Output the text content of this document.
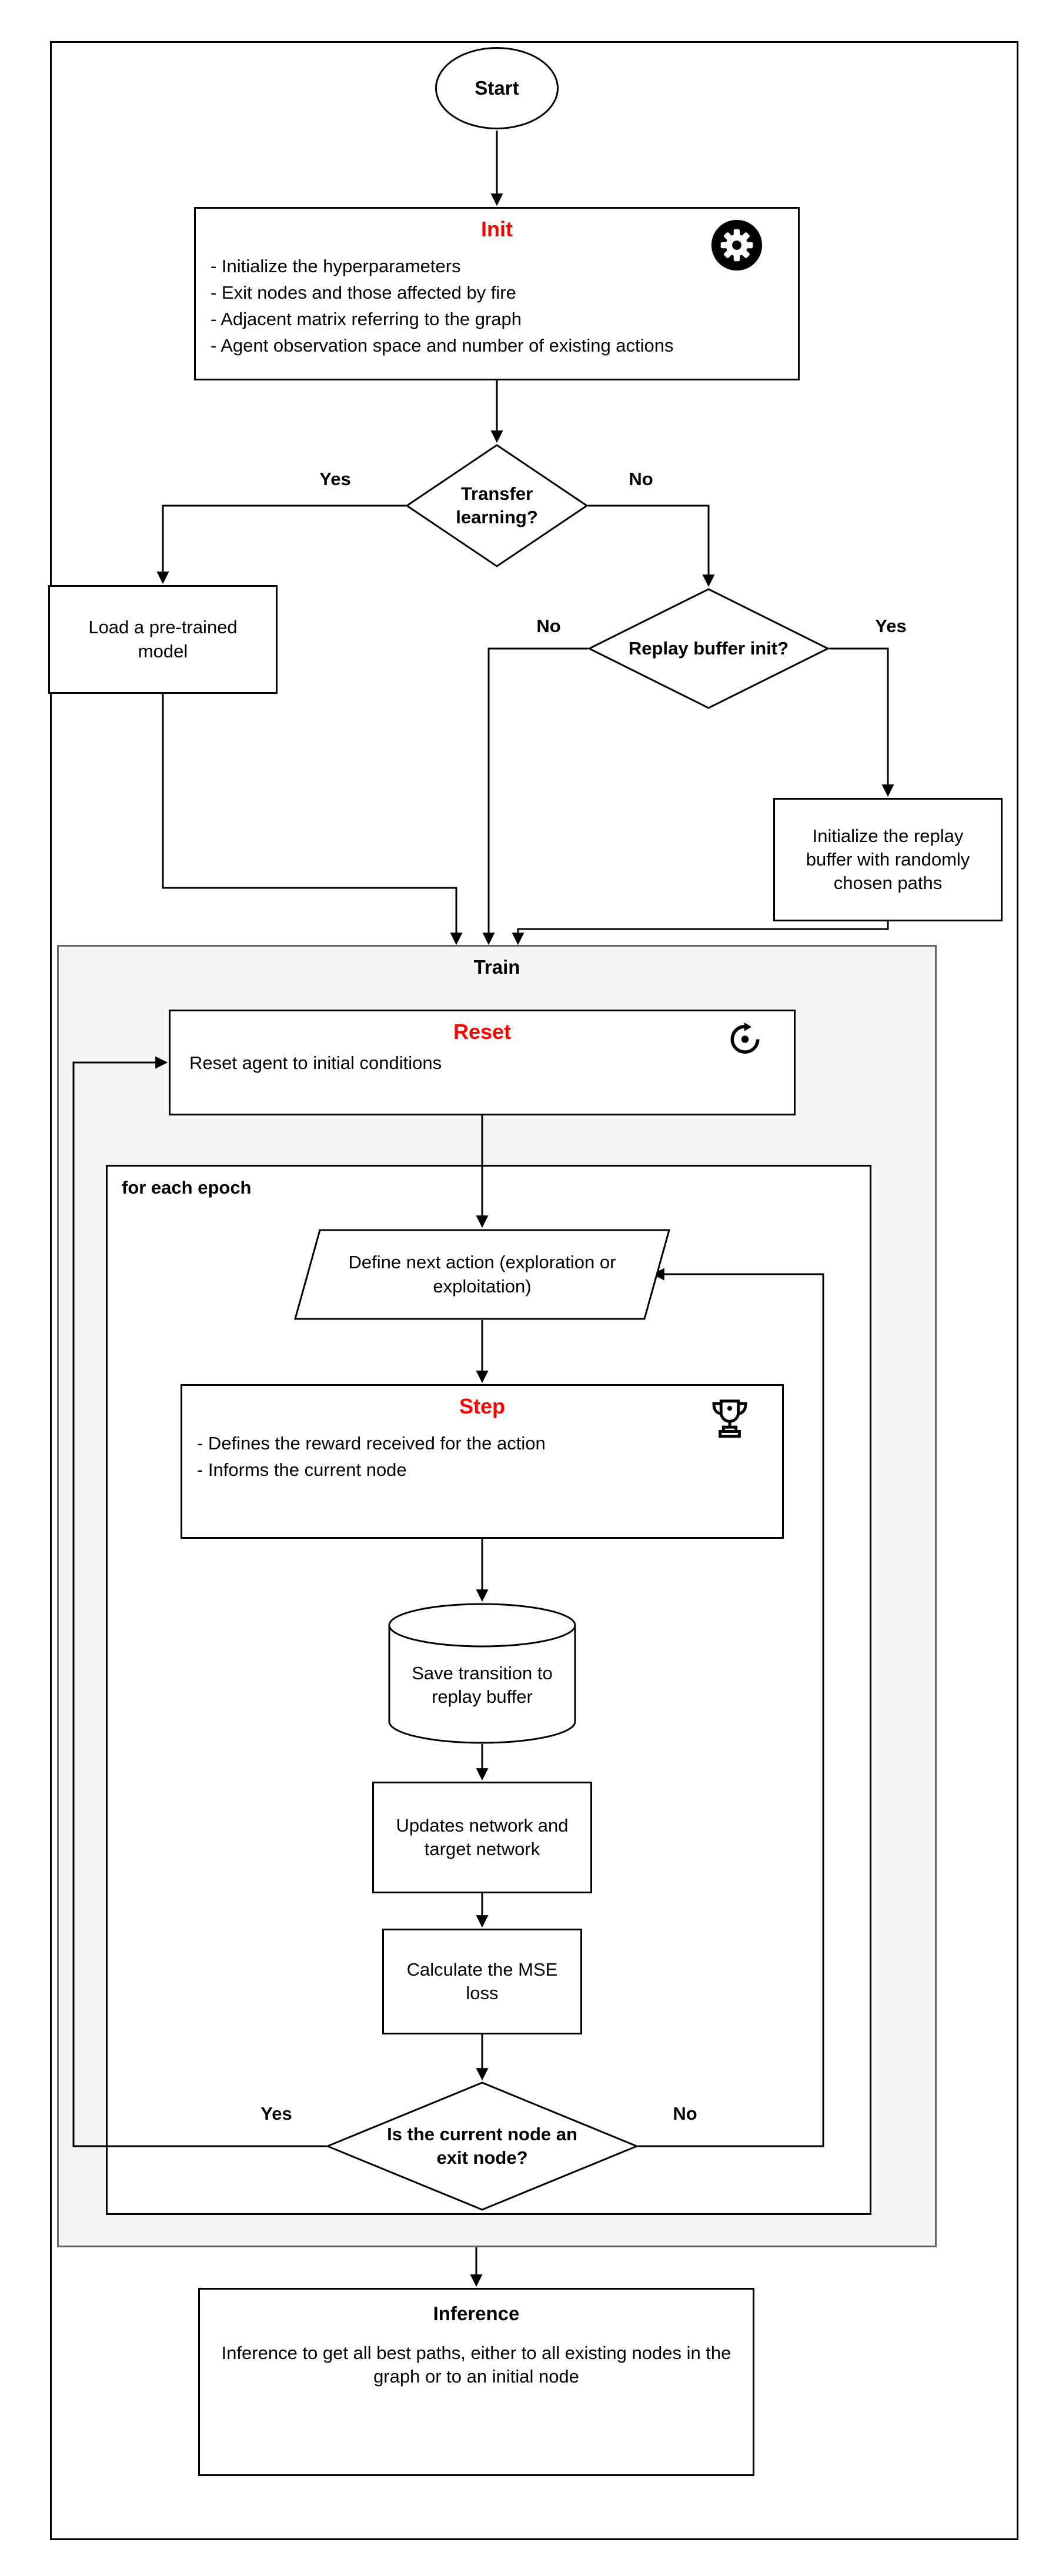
Train
for each epoch
Start
Init
- Initialize the hyperparameters
- Exit nodes and those affected by fire
- Adjacent matrix referring to the graph
- Agent observation space and number of existing actions
Transfer learning?
Yes	No
Load a pre-trained model	Replay buffer init?
No	Yes
Initialize the replay buffer with randomly chosen paths
Reset
Reset agent to initial conditions
Define next action (exploration or exploitation)
Step
- Defines the reward received for the action
- Informs the current node
Save transition to replay buffer
Updates network and target network
Calculate the MSE loss
Is the current node an exit node?
Yes	No
Inference
Inference to get all best paths, either to all existing nodes in the graph or to an initial node
